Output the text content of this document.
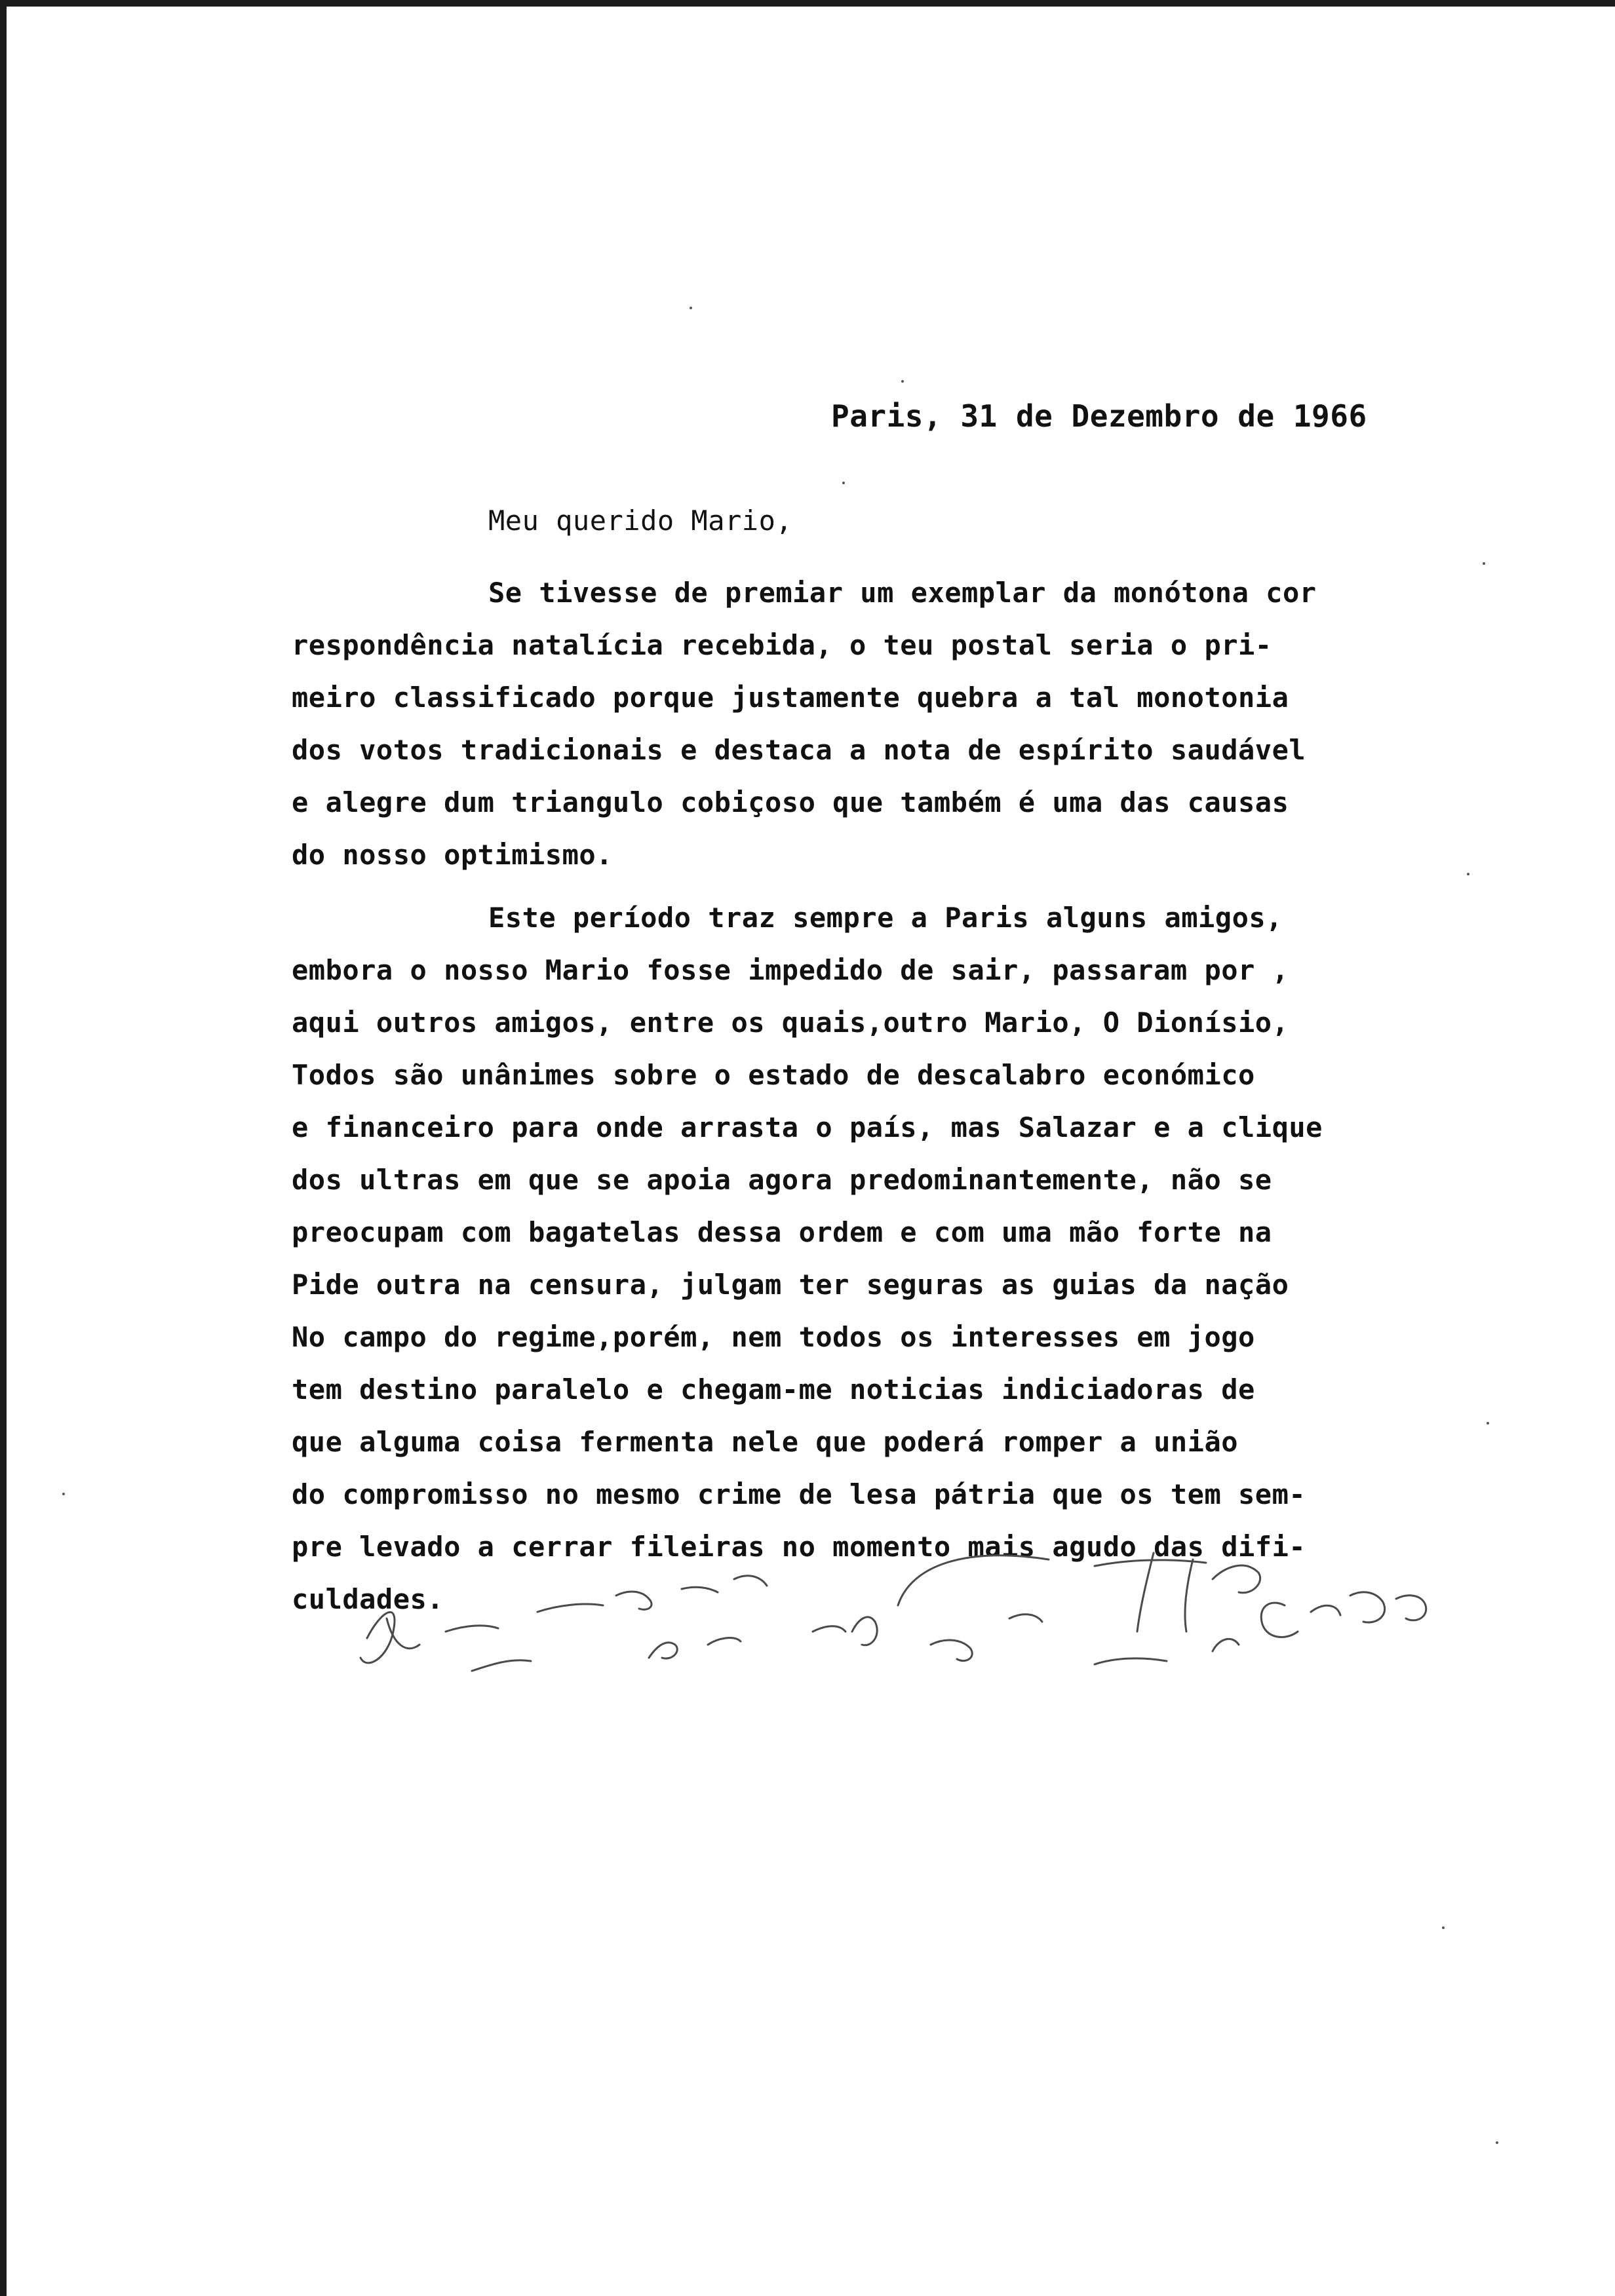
Paris, 31 de Dezembro de 1966
Meu querido Mario,

Se tivesse de premiar um exemplar da monótona cor

respondência natalícia recebida, o teu postal seria o pri-

meiro classificado porque justamente quebra a tal monotonia

dos votos tradicionais e destaca a nota de espírito saudável

e alegre dum triangulo cobiçoso que também é uma das causas

do nosso optimismo.

Este período traz sempre a Paris alguns amigos,

embora o nosso Mario fosse impedido de sair, passaram por ,

aqui outros amigos, entre os quais,outro Mario, O Dionísio,

Todos são unânimes sobre o estado de descalabro económico

e financeiro para onde arrasta o país, mas Salazar e a clique

dos ultras em que se apoia agora predominantemente, não se

preocupam com bagatelas dessa ordem e com uma mão forte na

Pide outra na censura, julgam ter seguras as guias da nação

No campo do regime,porém, nem todos os interesses em jogo

tem destino paralelo e chegam-me noticias indiciadoras de

que alguma coisa fermenta nele que poderá romper a união

do compromisso no mesmo crime de lesa pátria que os tem sem-

pre levado a cerrar fileiras no momento mais agudo das difi-

culdades.
